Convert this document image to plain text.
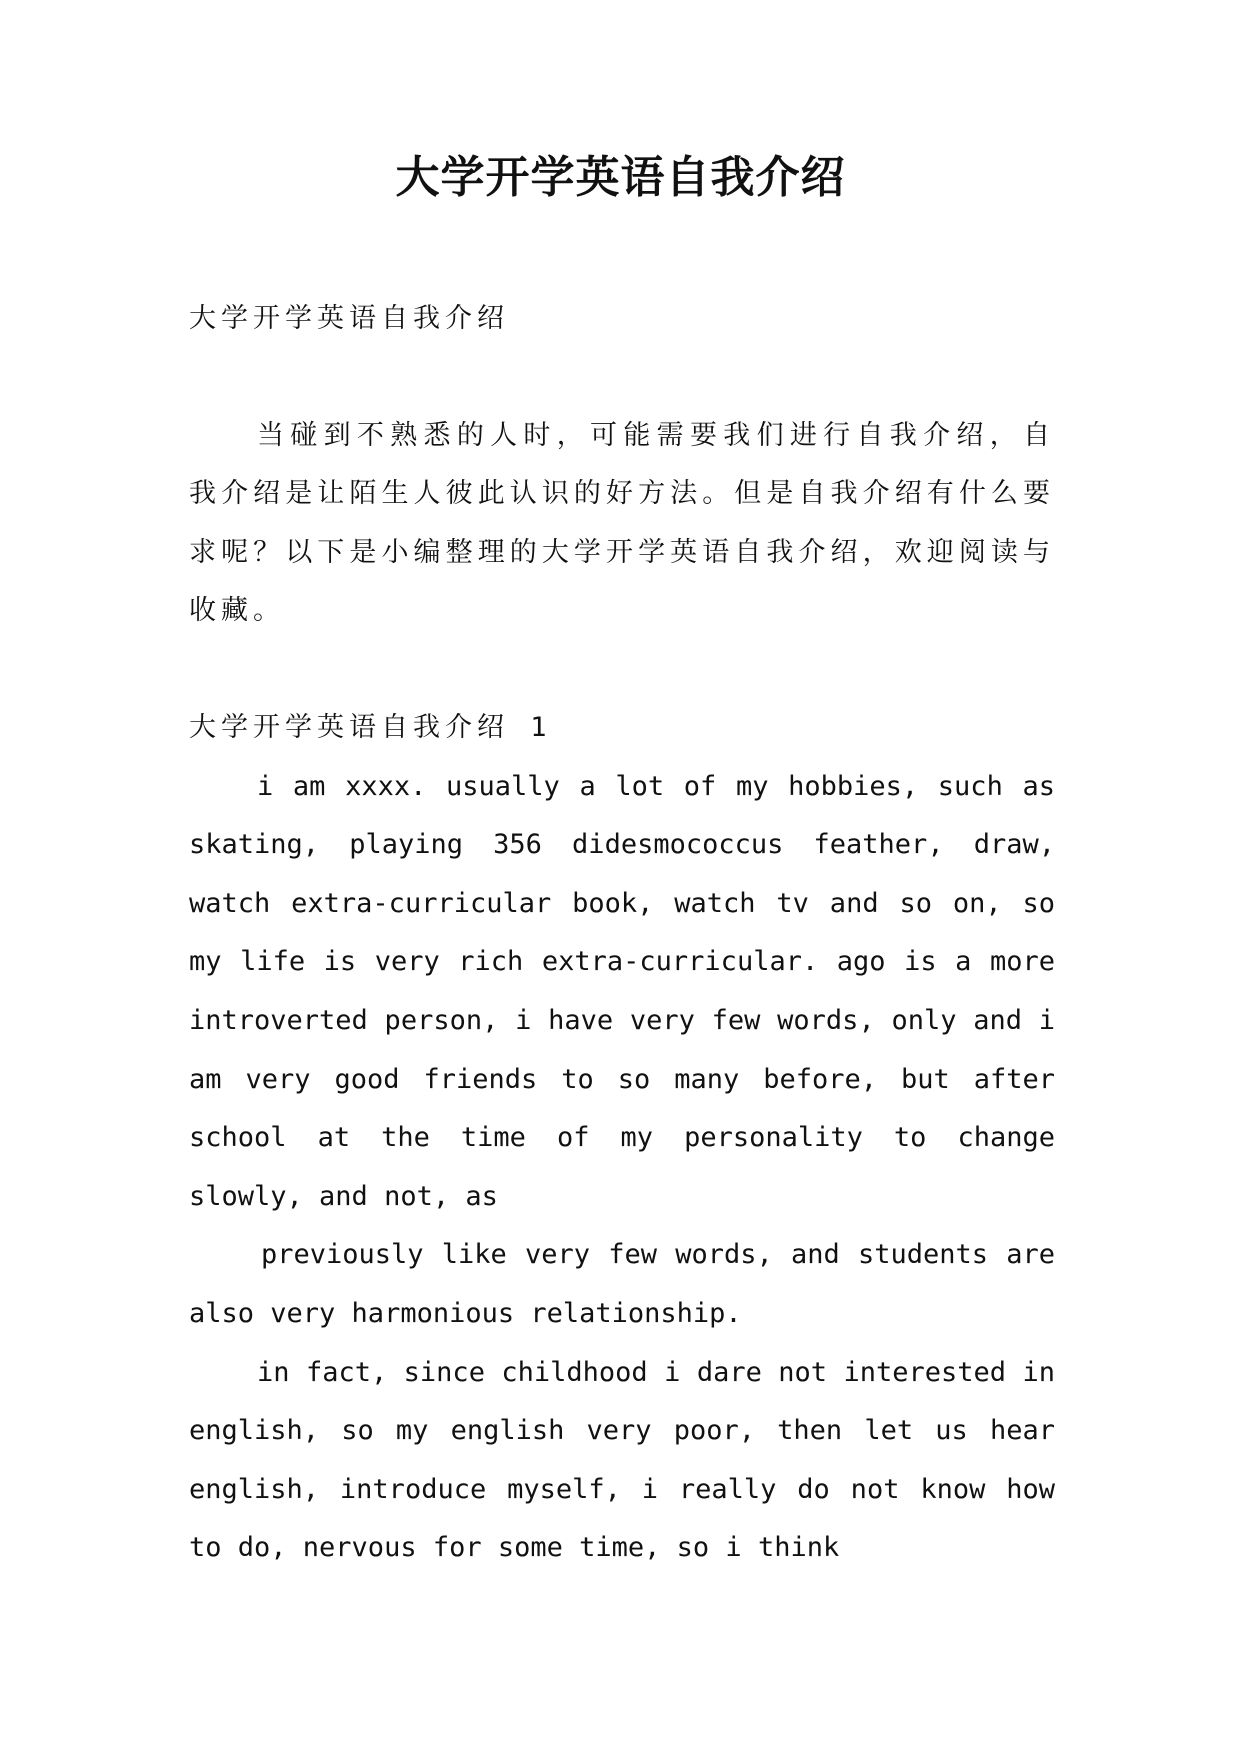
大学开学英语自我介绍

大学开学英语自我介绍

当碰到不熟悉的人时，可能需要我们进行自我介绍，自我介绍是让陌生人彼此认识的好方法。但是自我介绍有什么要求呢？以下是小编整理的大学开学英语自我介绍，欢迎阅读与收藏。

大学开学英语自我介绍 1

i am xxxx. usually a lot of my hobbies, such as skating, playing 356 didesmococcus feather, draw, watch extra-curricular book, watch tv and so on, so my life is very rich extra-curricular. ago is a more introverted person, i have very few words, only and i am very good friends to so many before, but after school at the time of my personality to change slowly, and not, as

previously like very few words, and students are also very harmonious relationship.

in fact, since childhood i dare not interested in english, so my english very poor, then let us hear english, introduce myself, i really do not know how to do, nervous for some time, so i think
